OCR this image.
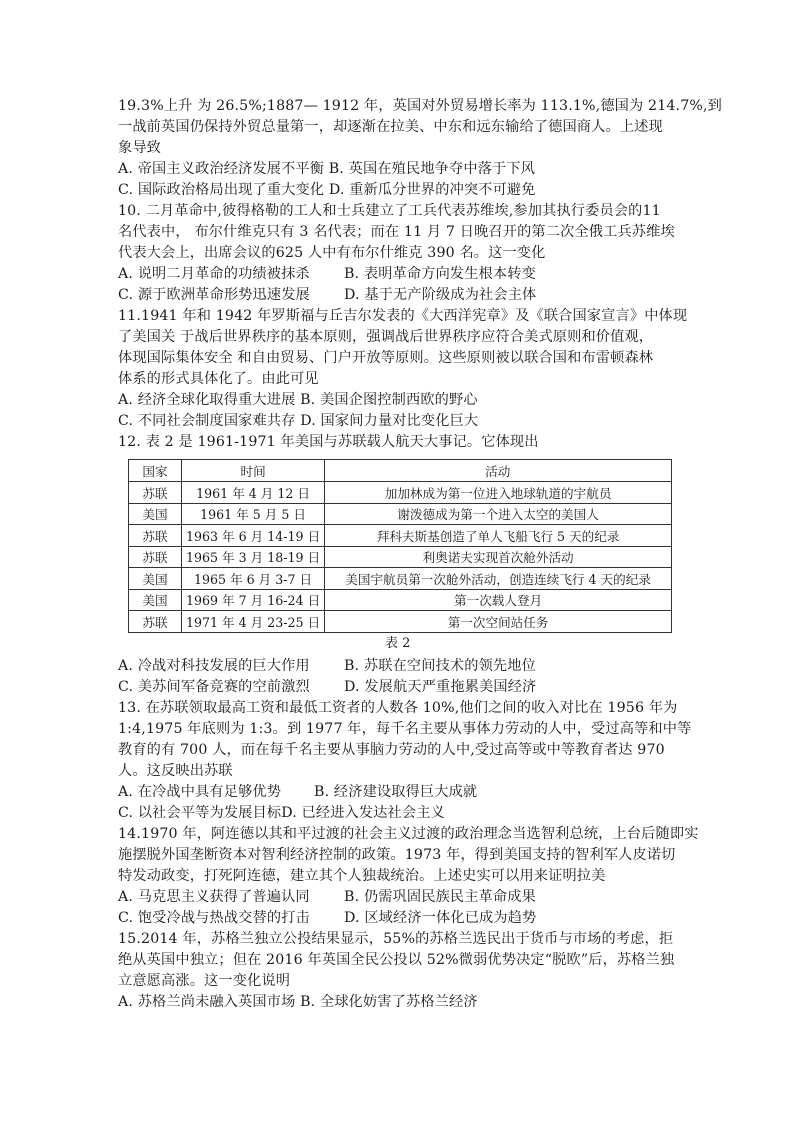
19.3%上升 为 26.5%;1887— 1912 年，英国对外贸易增长率为 113.1%,德国为 214.7%,到
一战前英国仍保持外贸总量第一，却逐渐在拉美、中东和远东输给了德国商人。上述现
象导致
A. 帝国主义政治经济发展不平衡 B. 英国在殖民地争夺中落于下风
C. 国际政治格局出现了重大变化 D. 重新瓜分世界的冲突不可避免
10. 二月革命中,彼得格勒的工人和士兵建立了工兵代表苏维埃,参加其执行委员会的11
名代表中， 布尔什维克只有 3 名代表；而在 11 月 7 日晚召开的第二次全俄工兵苏维埃
代表大会上，出席会议的625 人中有布尔什维克 390 名。这一变化
A. 说明二月革命的功绩被抹杀 B. 表明革命方向发生根本转变
C. 源于欧洲革命形势迅速发展 D. 基于无产阶级成为社会主体
11.1941 年和 1942 年罗斯福与丘吉尔发表的《大西洋宪章》及《联合国家宣言》中体现
了美国关 于战后世界秩序的基本原则，强调战后世界秩序应符合美式原则和价值观，
体现国际集体安全 和自由贸易、门户开放等原则。这些原则被以联合国和布雷顿森林
体系的形式具体化了。由此可见
A. 经济全球化取得重大进展 B. 美国企图控制西欧的野心
C. 不同社会制度国家难共存 D. 国家间力量对比变化巨大
12. 表 2 是 1961-1971 年美国与苏联载人航天大事记。它体现出
国家	时间	活动
苏联	1961 年 4 月 12 日	加加林成为第一位进入地球轨道的宇航员
美国	1961 年 5 月 5 日	谢泼德成为第一个进入太空的美国人
苏联	1963 年 6 月 14-19 日	拜科夫斯基创造了单人飞船飞行 5 天的纪录
苏联	1965 年 3 月 18-19 日	利奥诺夫实现首次舱外活动
美国	1965 年 6 月 3-7 日	美国宇航员第一次舱外活动，创造连续飞行 4 天的纪录
美国	1969 年 7 月 16-24 日	第一次载人登月
苏联	1971 年 4 月 23-25 日	第一次空间站任务
表 2
A. 冷战对科技发展的巨大作用 B. 苏联在空间技术的领先地位
C. 美苏间军备竞赛的空前激烈 D. 发展航天严重拖累美国经济
13. 在苏联领取最高工资和最低工资者的人数各 10%,他们之间的收入对比在 1956 年为
1:4,1975 年底则为 1:3。到 1977 年，每千名主要从事体力劳动的人中，受过高等和中等
教育的有 700 人，而在每千名主要从事脑力劳动的人中,受过高等或中等教育者达 970
人。这反映出苏联
A. 在冷战中具有足够优势 B. 经济建设取得巨大成就
C. 以社会平等为发展目标D. 已经进入发达社会主义
14.1970 年，阿连德以其和平过渡的社会主义过渡的政治理念当选智利总统，上台后随即实
施摆脱外国垄断资本对智利经济控制的政策。1973 年，得到美国支持的智利军人皮诺切
特发动政变，打死阿连德，建立其个人独裁统治。上述史实可以用来证明拉美
A. 马克思主义获得了普遍认同 B. 仍需巩固民族民主革命成果
C. 饱受冷战与热战交替的打击 D. 区域经济一体化已成为趋势
15.2014 年，苏格兰独立公投结果显示，55%的苏格兰选民出于货币与市场的考虑，拒
绝从英国中独立；但在 2016 年英国全民公投以 52%微弱优势决定“脱欧”后，苏格兰独
立意愿高涨。这一变化说明
A. 苏格兰尚未融入英国市场 B. 全球化妨害了苏格兰经济
